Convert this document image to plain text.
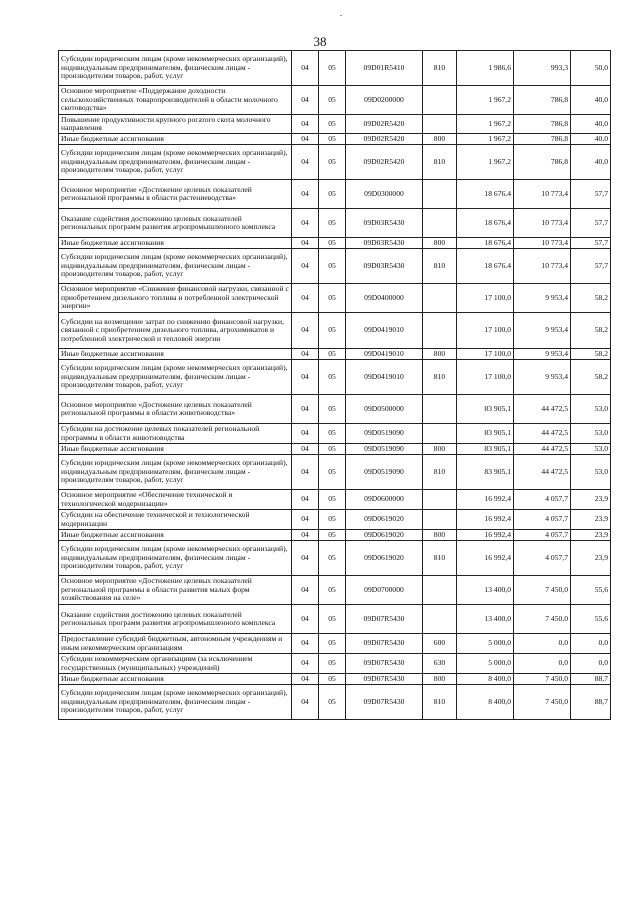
38
Субсидии юридическим лицам (кроме некоммерческих организаций), индивидуальным предпринимателям, физическим лицам - производителям товаров, работ, услуг	04	05	09D01R5410	810	1 986,6	993,3	50,0
Основное мероприятие «Поддержание доходности сельскохозяйственных товаропроизводителей в области молочного скотоводства»	04	05	09D0200000		1 967,2	786,8	40,0
Повышение продуктивности крупного рогатого скота молочного направления	04	05	09D02R5420		1 967,2	786,8	40,0
Иные бюджетные ассигнования	04	05	09D02R5420	800	1 967,2	786,8	40,0
Субсидии юридическим лицам (кроме некоммерческих организаций), индивидуальным предпринимателям, физическим лицам - производителям товаров, работ, услуг	04	05	09D02R5420	810	1 967,2	786,8	40,0
Основное мероприятие «Достижение целевых показателей региональной программы в области растениеводства»	04	05	09D0300000		18 676,4	10 773,4	57,7
Оказание содействия достижению целевых показателей региональных программ развития агропромышленного комплекса	04	05	09D03R5430		18 676,4	10 773,4	57,7
Иные бюджетные ассигнования	04	05	09D03R5430	800	18 676,4	10 773,4	57,7
Субсидии юридическим лицам (кроме некоммерческих организаций), индивидуальным предпринимателям, физическим лицам - производителям товаров, работ, услуг	04	05	09D03R5430	810	18 676,4	10 773,4	57,7
Основное мероприятие «Снижение финансовой нагрузки, связанной с приобретением дизельного топлива и потребленной электрической энергии»	04	05	09D0400000		17 100,0	9 953,4	58,2
Субсидии на возмещение затрат по снижению финансовой нагрузки, связанной с приобретением дизельного топлива, агрохимикатов и потребленной электрической и тепловой энергии	04	05	09D0419010		17 100,0	9 953,4	58,2
Иные бюджетные ассигнования	04	05	09D0419010	800	17 100,0	9 953,4	58,2
Субсидии юридическим лицам (кроме некоммерческих организаций), индивидуальным предпринимателям, физическим лицам - производителям товаров, работ, услуг	04	05	09D0419010	810	17 100,0	9 953,4	58,2
Основное мероприятие «Достижение целевых показателей региональной программы в области животноводства»	04	05	09D0500000		83 905,1	44 472,5	53,0
Субсидии на достижение целевых показателей региональной программы в области животноводства	04	05	09D0519090		83 905,1	44 472,5	53,0
Иные бюджетные ассигнования	04	05	09D0519090	800	83 905,1	44 472,5	53,0
Субсидии юридическим лицам (кроме некоммерческих организаций), индивидуальным предпринимателям, физическим лицам - производителям товаров, работ, услуг	04	05	09D0519090	810	83 905,1	44 472,5	53,0
Основное мероприятие «Обеспечение технической и технологической модернизации»	04	05	09D0600000		16 992,4	4 057,7	23,9
Субсидии на обеспечение технической и технологической модернизации	04	05	09D0619020		16 992,4	4 057,7	23,9
Иные бюджетные ассигнования	04	05	09D0619020	800	16 992,4	4 057,7	23,9
Субсидии юридическим лицам (кроме некоммерческих организаций), индивидуальным предпринимателям, физическим лицам - производителям товаров, работ, услуг	04	05	09D0619020	810	16 992,4	4 057,7	23,9
Основное мероприятие «Достижение целевых показателей региональной программы в области развития малых форм хозяйствования на селе»	04	05	09D0700000		13 400,0	7 450,0	55,6
Оказание содействия достижению целевых показателей региональных программ развития агропромышленного комплекса	04	05	09D07R5430		13 400,0	7 450,0	55,6
Предоставление субсидий бюджетным, автономным учреждениям и иным некоммерческим организациям	04	05	09D07R5430	600	5 000,0	0,0	0,0
Субсидии некоммерческим организациям (за исключением государственных (муниципальных) учреждений)	04	05	09D07R5430	630	5 000,0	0,0	0,0
Иные бюджетные ассигнования	04	05	09D07R5430	800	8 400,0	7 450,0	88,7
Субсидии юридическим лицам (кроме некоммерческих организаций), индивидуальным предпринимателям, физическим лицам - производителям товаров, работ, услуг	04	05	09D07R5430	810	8 400,0	7 450,0	88,7
